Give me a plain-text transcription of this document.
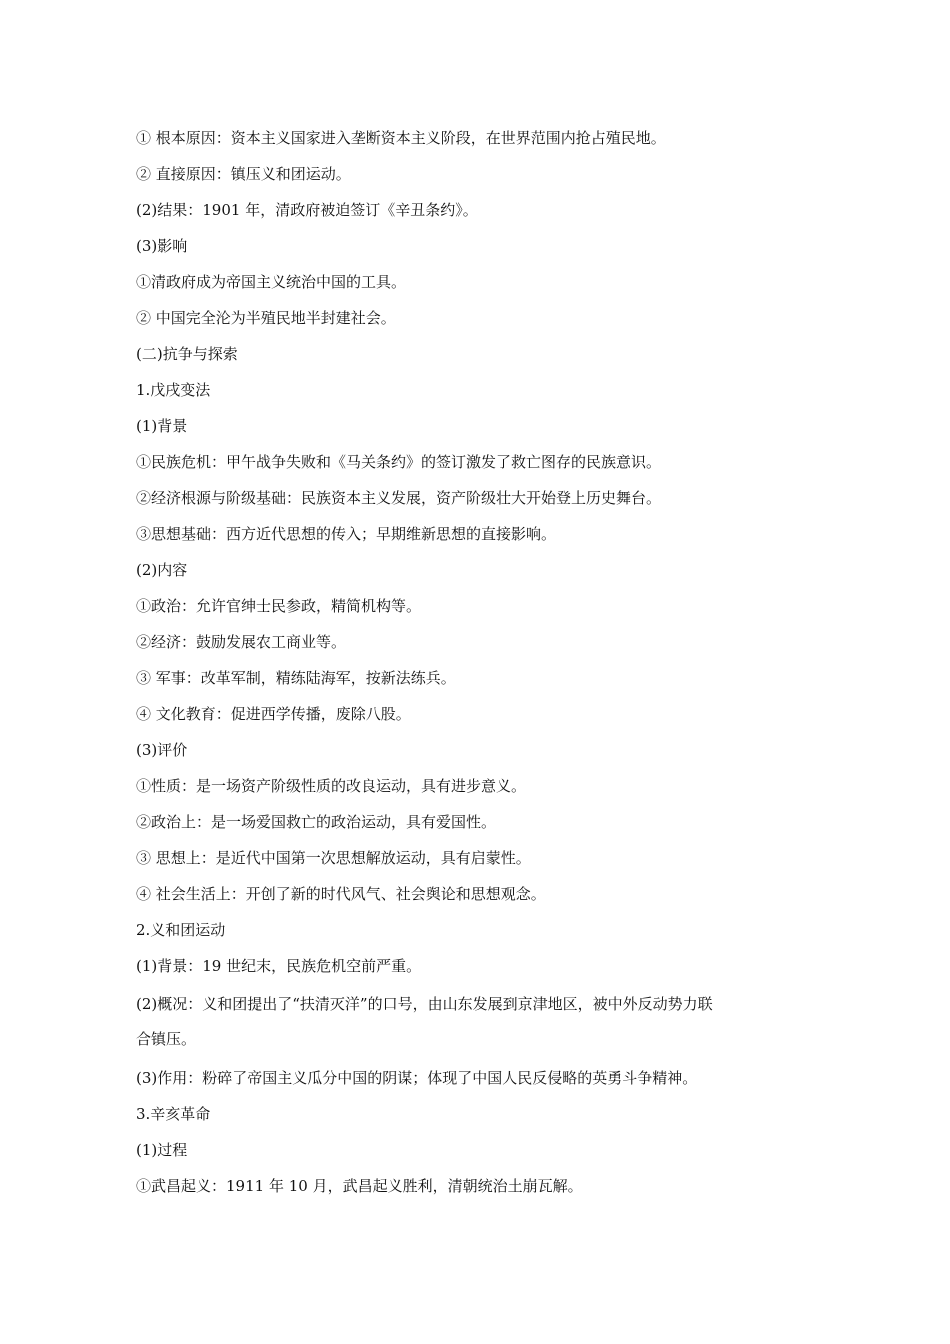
① 根本原因：资本主义国家进入垄断资本主义阶段，在世界范围内抢占殖民地。
② 直接原因：镇压义和团运动。
(2)结果：1901 年，清政府被迫签订《辛丑条约》。
(3)影响
①清政府成为帝国主义统治中国的工具。
② 中国完全沦为半殖民地半封建社会。
(二)抗争与探索
1.戊戌变法
(1)背景
①民族危机：甲午战争失败和《马关条约》的签订激发了救亡图存的民族意识。
②经济根源与阶级基础：民族资本主义发展，资产阶级壮大开始登上历史舞台。
③思想基础：西方近代思想的传入；早期维新思想的直接影响。
(2)内容
①政治：允许官绅士民参政，精简机构等。
②经济：鼓励发展农工商业等。
③ 军事：改革军制，精练陆海军，按新法练兵。
④ 文化教育：促进西学传播，废除八股。
(3)评价
①性质：是一场资产阶级性质的改良运动，具有进步意义。
②政治上：是一场爱国救亡的政治运动，具有爱国性。
③ 思想上：是近代中国第一次思想解放运动，具有启蒙性。
④ 社会生活上：开创了新的时代风气、社会舆论和思想观念。
2.义和团运动
(1)背景：19 世纪末，民族危机空前严重。
(2)概况：义和团提出了“扶清灭洋”的口号，由山东发展到京津地区，被中外反动势力联
合镇压。
(3)作用：粉碎了帝国主义瓜分中国的阴谋；体现了中国人民反侵略的英勇斗争精神。
3.辛亥革命
(1)过程
①武昌起义：1911 年 10 月，武昌起义胜利，清朝统治土崩瓦解。
